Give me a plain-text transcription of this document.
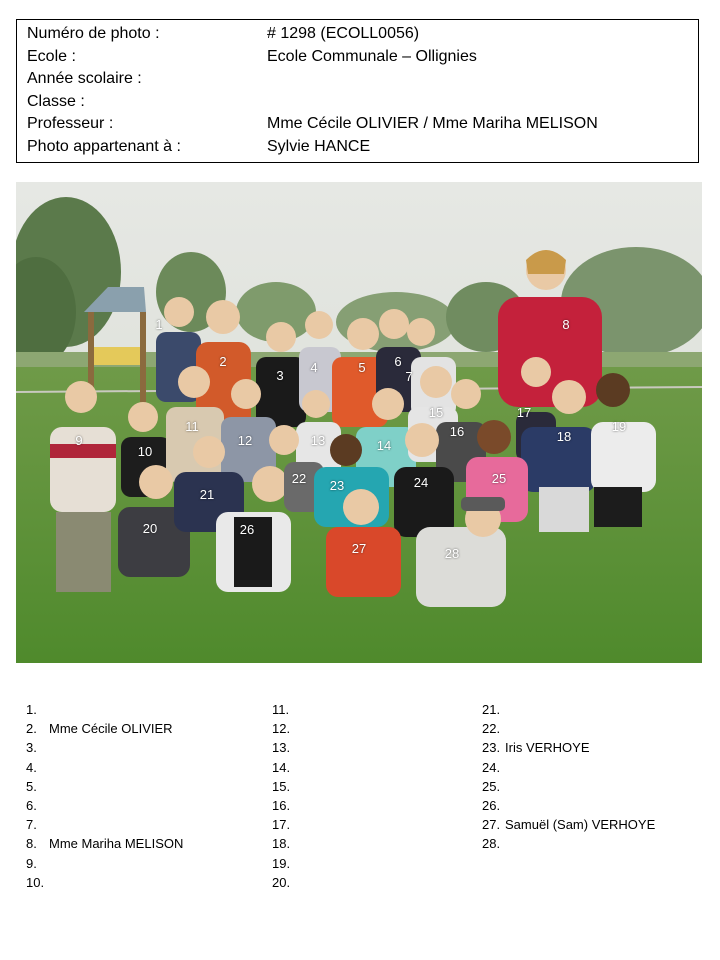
Numéro de photo :	# 1298 (ECOLL0056)
Ecole :	Ecole Communale – Ollignies
Année scolaire :
Classe :
Professeur :	Mme Cécile OLIVIER / Mme Mariha MELISON
Photo appartenant à :	Sylvie HANCE
1
2
3
4	5 6
7
8
9
10
11
12	13	14
15
16
17
18
19
20
21
22 23	24	25
26
27	28
1.
2. Mme Cécile OLIVIER
3.
4.
5.
6.
7.
8. Mme Mariha MELISON
9.
10.
11.
12.
13.
14.
15.
16.
17.
18.
19.
20.
21.
22.
23. Iris VERHOYE
24.
25.
26.
27. Samuël (Sam) VERHOYE
28.
